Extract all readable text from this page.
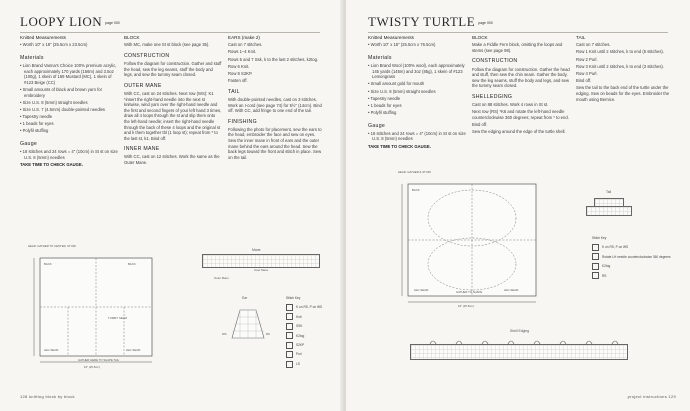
LOOPY LION page 000

Knitted Measurements

• Worth 10" x 18" (25.5cm x 23.5cm)

Materials

• Lion Brand Vanna's Choice 100% premium acrylic, each approximately 170 yards (156m) and 3.5oz (100g), 1 skein of 169 Mustard (MC), 1 skein of #123 Beige (CC)

• Small amounts of black and brown yarn for embroidery

• Size U.S. 8 (5mm) straight needles

• Size U.S. 7 (4.5mm) double-pointed needles

• Tapestry needle

• 1 beads for eyes

• Polyfil stuffing

Gauge

• 18 stitches and 24 rows = 4" (10cm) in St st on size U.S. 8 (5mm) needles

TAKE TIME TO CHECK GAUGE.

BLOCK

With MC, make one St st block (see page 35).

CONSTRUCTION

Follow the diagram for construction. Gather and stuff the head, sew the leg seams, stuff the body and legs, and sew the tummy seam closed.

OUTER MANE

With CC, cast on 24 stitches. Next row (WS): K1 *insert the right-hand needle into the next st knitwise, wind yarn over the right-hand needle and the first and second fingers of your left hand 3 times, draw all 4 loops through the st and slip them onto the left-hand needle; insert the right-hand needle through the back of these 4 loops and the original st and k them together tbl (1 loop st); repeat from * to the last st, k1. Bind off.

INNER MANE

With CC, cast on 12 stitches. Work the same as the Outer Mane.

EARS (make 2)

Cast on 7 stitches.

Rows 1–4 Knit.

Rows 5 and 7 Ssk, k to the last 2 stitches, k2tog.

Row 6 Knit.

Row 8 S2KP.

Fasten off.

TAIL

With double-pointed needles, cast on 3 stitches. Work an I-cord (see page 74) for 5½" (14cm). Bind off. With CC, add fringe to one end of the tail.

FINISHING

Following the photo for placement, sew the ears to the head, embroider the face and sew on eyes. Sew the inner mane in front of ears and the outer mane behind the ears around the head. Sew the back legs toward the front and stitch in place. Sew on the tail.

BACK	BACK
HEAD: GATHER TO CENTER, STUFF
TUMMY SEAM
LEG SEAM	LEG SEAM
GATHER HERE TO SHAPE TAIL
10" (25.5cm)
Mane
Inner Mane
Outer Mane
Ear
WS	RS
Stitch Key
K on RS, P on WS
Knit
SSK
K2tog
S2KP
Purl
LS
128 knitting block by block
TWISTY TURTLE page 000

Knitted Measurements

• Worth 10" x 18" (25.5cm x 76.5cm)

Materials

• Lion Brand Wool (100% wool), each approximately 145 yards (145m) and 3oz (85g), 1 skein of #123 Lemongrass

• Small amount gold for mouth

• Size U.S. 8 (5mm) straight needles

• Tapestry needle

• 1 beads for eyes

• Polyfil stuffing

Gauge

• 18 stitches and 24 rows = 4" (10cm) in St st on size U.S. 8 (5mm) needles

TAKE TIME TO CHECK GAUGE.

BLOCK

Make a Fiddle Fern block, omitting the loops and stems (see page 98).

CONSTRUCTION

Follow the diagram for construction. Gather the head and stuff, then sew the chin seam. Gather the body, sew the leg seams, stuff the body and legs, and sew the tummy seam closed.

SHELLEDGING

Cast on 88 stitches. Work 4 rows in St st.

Next row (RS) *K6 and rotate the left-hand needle counterclockwise 360 degrees; repeat from * to end.

Bind off.

Sew the edging around the edge of the turtle shell.

TAIL

Cast on 7 stitches.

Row 1 Knit until 2 stitches, k to end (5 stitches).

Row 2 Purl.

Row 3 Knit until 2 stitches, k to end (3 stitches).

Row 4 Purl.

Bind off.

Sew the tail to the back end of the turtle under the edging. Sew on beads for the eyes. Embroider the mouth using Bernice.

BACK
HEAD: GATHER & STUFF
LEG SEAM	LEG SEAM
GATHER TO SHAPE
10" (25.5cm)
Tail
Stitch Key
K on RS, P on WS
Rotate LH needle counterclockwise 360 degrees
K2tog
RS
Shell Edging
project instructions 129
